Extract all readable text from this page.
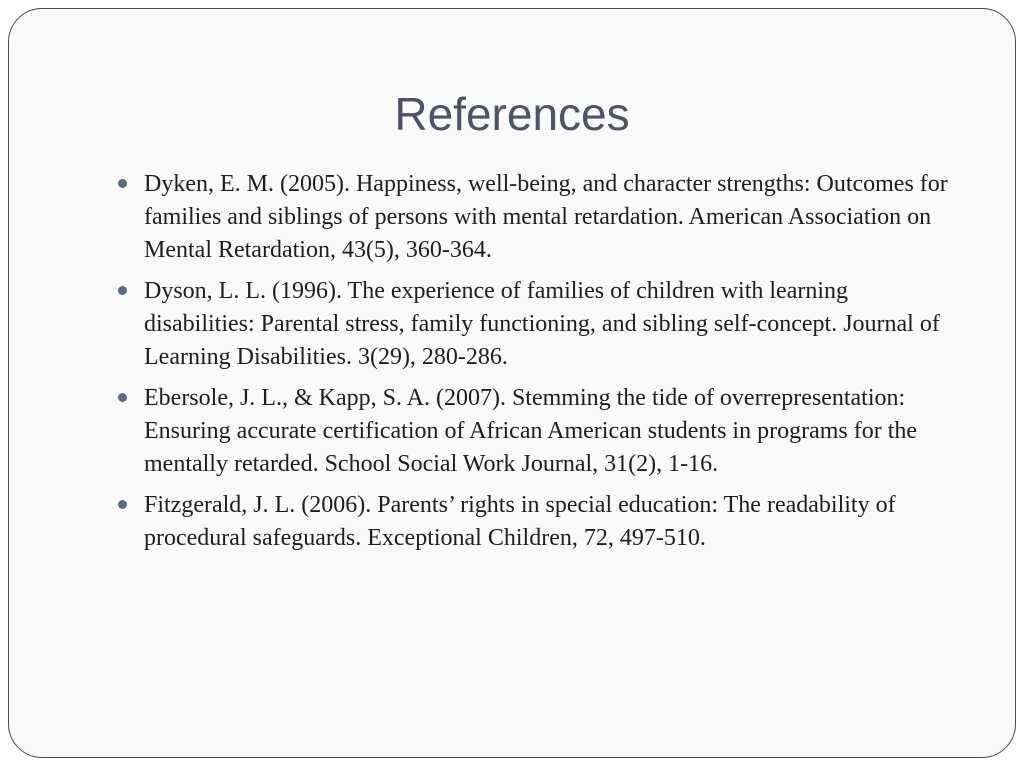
References
Dyken, E. M. (2005). Happiness, well-being, and character strengths: Outcomes for families and siblings of persons with mental retardation. American Association on Mental Retardation, 43(5), 360-364.
Dyson, L. L. (1996). The experience of families of children with learning disabilities: Parental stress, family functioning, and sibling self-concept. Journal of Learning Disabilities. 3(29), 280-286.
Ebersole, J. L., & Kapp, S. A. (2007). Stemming the tide of overrepresentation: Ensuring accurate certification of African American students in programs for the mentally retarded. School Social Work Journal, 31(2), 1-16.
Fitzgerald, J. L. (2006). Parents’ rights in special education: The readability of procedural safeguards. Exceptional Children, 72, 497-510.
